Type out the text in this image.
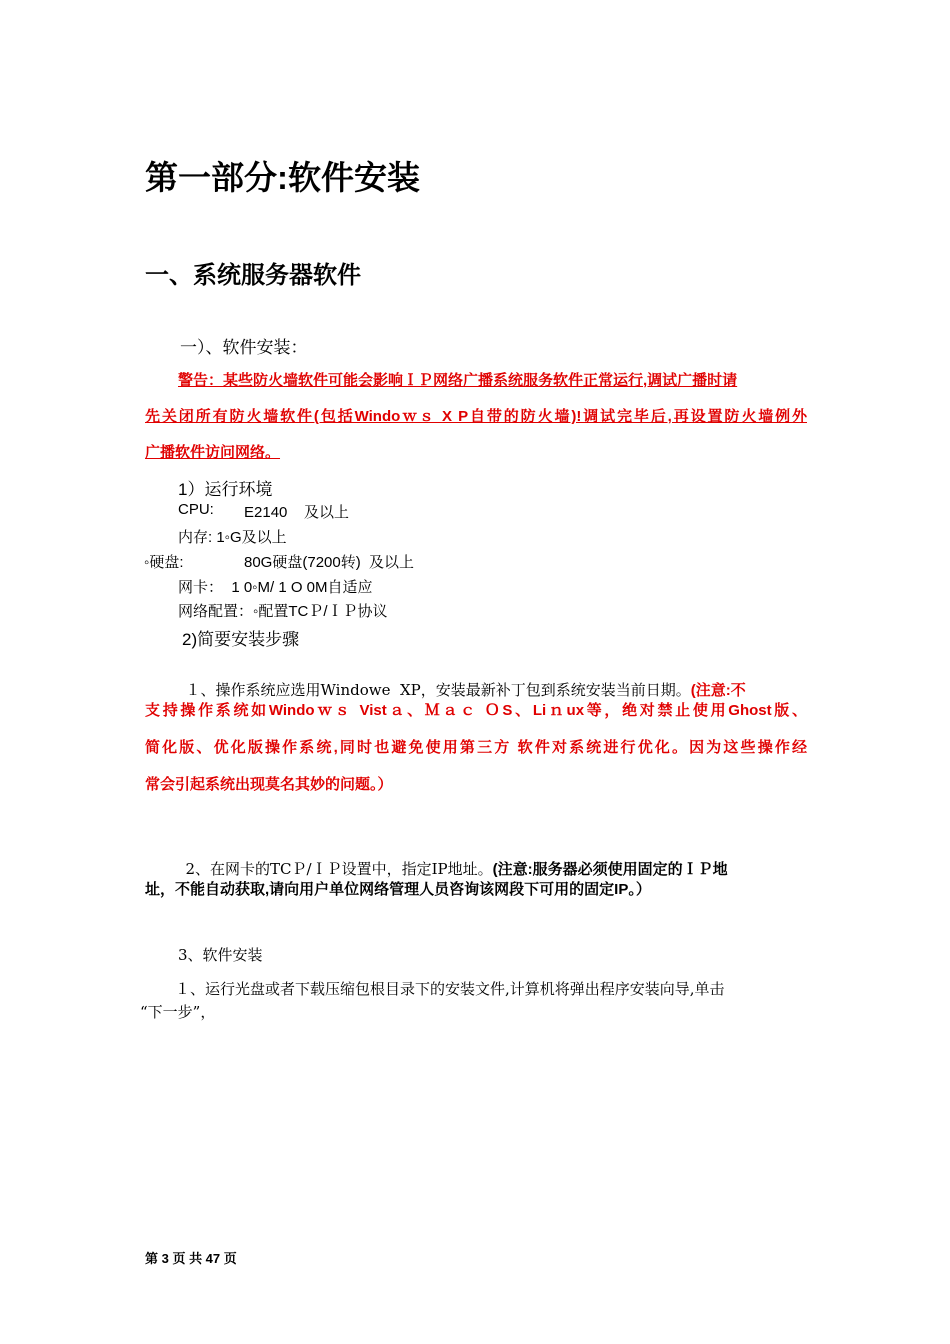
第一部分:软件安装
一、系统服务器软件
一）、软件安装：
警告：某些防火墙软件可能会影响ＩＰ网络广播系统服务软件正常运行,调试广播时请
先关闭所有防火墙软件(包括Windoｗｓ X P自带的防火墙)!调试完毕后,再设置防火墙例外
广播软件访问网络。
1）运行环境
CPU: E2140    及以上
内存: 1◦G及以上
◦硬盘:	80G硬盘(7200转)  及以上
网卡：  1 0◦M/ 1 O 0M自适应
网络配置：◦配置TCＰ/ＩＰ协议
2)简要安装步骤

１、操作系统应选用Windowe  XP，安装最新补丁包到系统安装当前日期。(注意:不

支持操作系统如Windoｗｓ Vistａ、Ｍａｃ ＯS、Liｎux等，绝对禁止使用Ghost版、
简化版、优化版操作系统,同时也避免使用第三方 软件对系统进行优化。因为这些操作经
常会引起系统出现莫名其妙的问题。）

2、在网卡的TCＰ/ＩＰ设置中，指定IP地址。(注意:服务器必须使用固定的ＩＰ地

址，不能自动获取,请向用户单位网络管理人员咨询该网段下可用的固定IP。）
3、软件安装
１、运行光盘或者下载压缩包根目录下的安装文件,计算机将弹出程序安装向导,单击
“下一步”，
第 3 页 共 47 页
